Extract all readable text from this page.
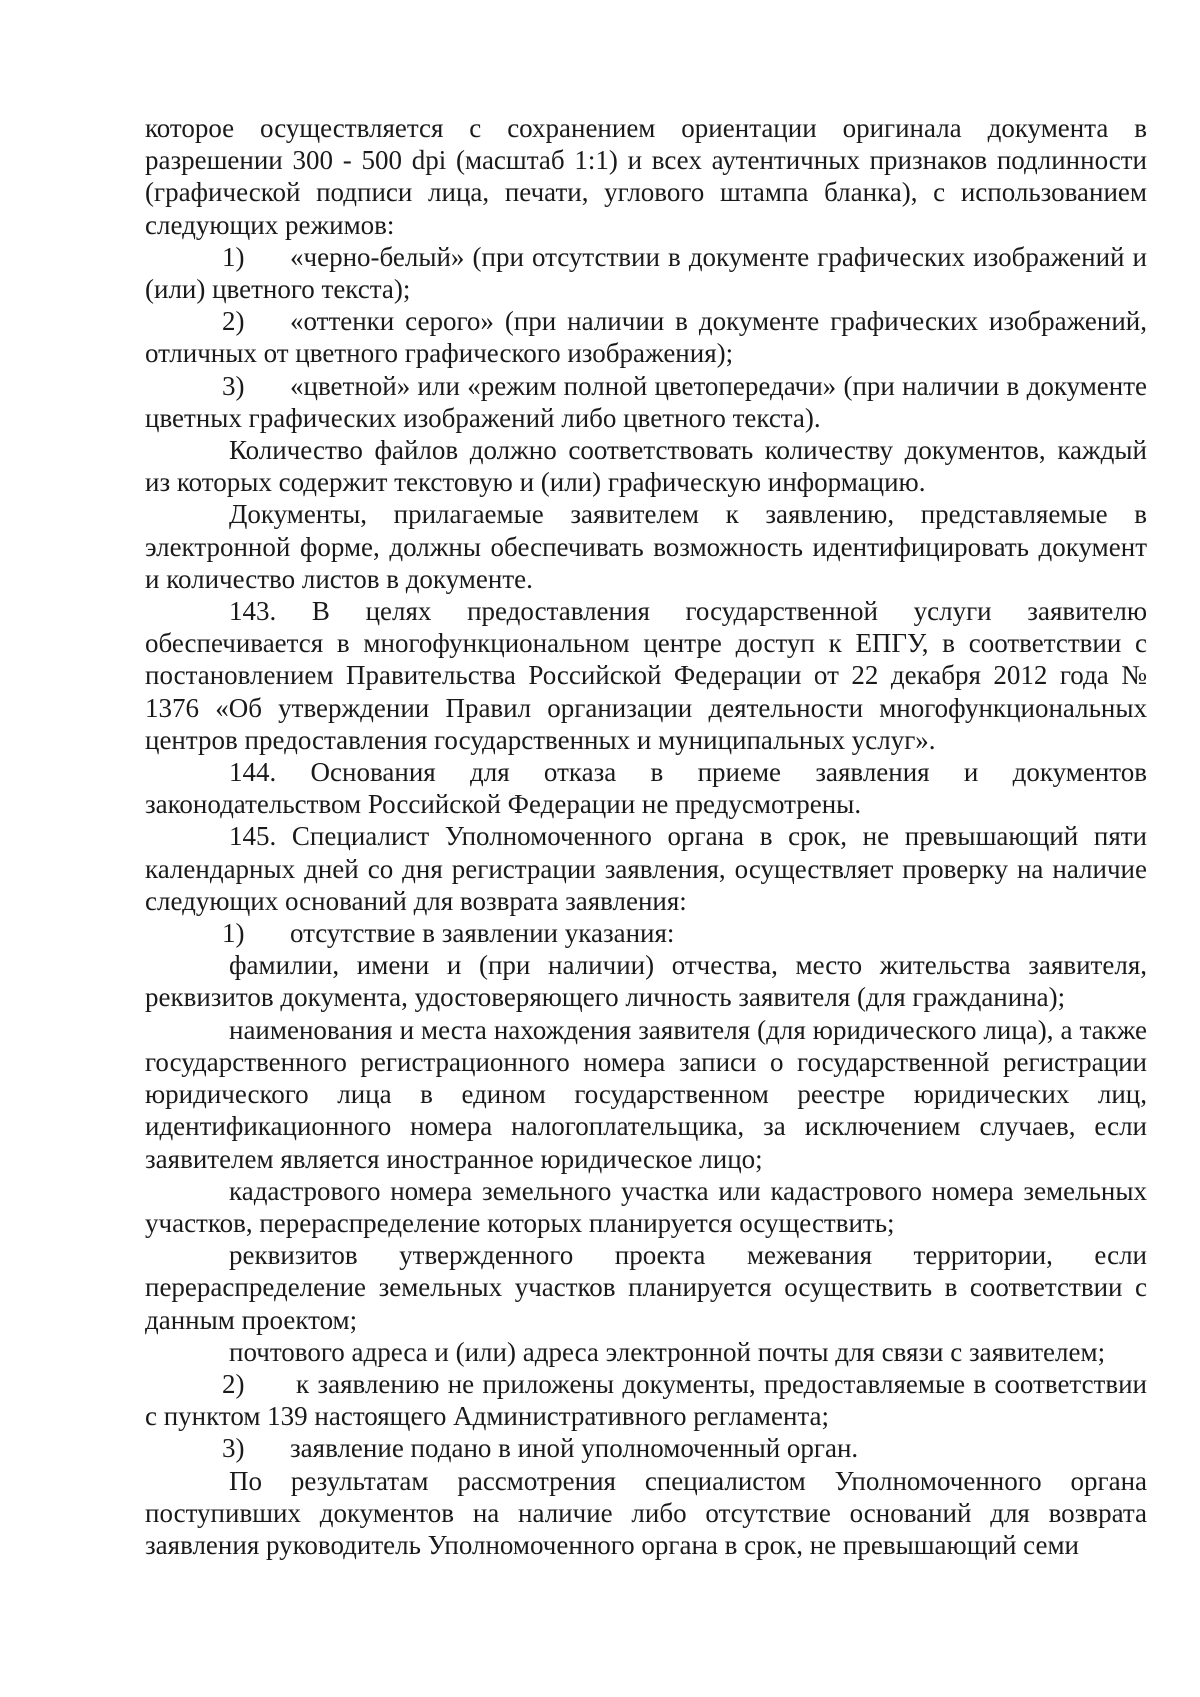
которое осуществляется с сохранением ориентации оригинала документа в разрешении 300 - 500 dpi (масштаб 1:1) и всех аутентичных признаков подлинности (графической подписи лица, печати, углового штампа бланка), с использованием следующих режимов:

1) «черно-белый» (при отсутствии в документе графических изображений и (или) цветного текста);

2) «оттенки серого» (при наличии в документе графических изображений, отличных от цветного графического изображения);

3) «цветной» или «режим полной цветопередачи» (при наличии в документе цветных графических изображений либо цветного текста).

Количество файлов должно соответствовать количеству документов, каждый из которых содержит текстовую и (или) графическую информацию.

Документы, прилагаемые заявителем к заявлению, представляемые в электронной форме, должны обеспечивать возможность идентифицировать документ и количество листов в документе.

143. В целях предоставления государственной услуги заявителю обеспечивается в многофункциональном центре доступ к ЕПГУ, в соответствии с постановлением Правительства Российской Федерации от 22 декабря 2012 года № 1376 «Об утверждении Правил организации деятельности многофункциональных центров предоставления государственных и муниципальных услуг».

144. Основания для отказа в приеме заявления и документов законодательством Российской Федерации не предусмотрены.

145. Специалист Уполномоченного органа в срок, не превышающий пяти календарных дней со дня регистрации заявления, осуществляет проверку на наличие следующих оснований для возврата заявления:

1) отсутствие в заявлении указания:

фамилии, имени и (при наличии) отчества, место жительства заявителя, реквизитов документа, удостоверяющего личность заявителя (для гражданина);

наименования и места нахождения заявителя (для юридического лица), а также государственного регистрационного номера записи о государственной регистрации юридического лица в едином государственном реестре юридических лиц, идентификационного номера налогоплательщика, за исключением случаев, если заявителем является иностранное юридическое лицо;

кадастрового номера земельного участка или кадастрового номера земельных участков, перераспределение которых планируется осуществить;

реквизитов утвержденного проекта межевания территории, если перераспределение земельных участков планируется осуществить в соответствии с данным проектом;

почтового адреса и (или) адреса электронной почты для связи с заявителем;

2) к заявлению не приложены документы, предоставляемые в соответствии с пунктом 139 настоящего Административного регламента;

3) заявление подано в иной уполномоченный орган.

По результатам рассмотрения специалистом Уполномоченного органа поступивших документов на наличие либо отсутствие оснований для возврата заявления руководитель Уполномоченного органа в срок, не превышающий семи
